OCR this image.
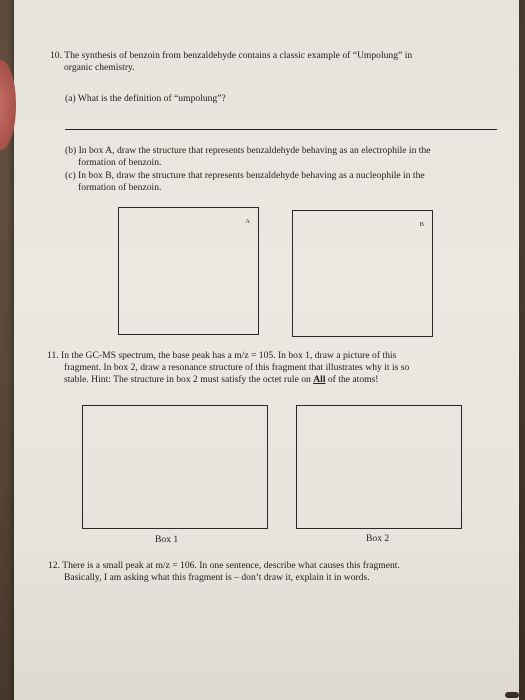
10. The synthesis of benzoin from benzaldehyde contains a classic example of “Umpolung” in
organic chemistry.
(a) What is the definition of “umpolung”?
(b) In box A, draw the structure that represents benzaldehyde behaving as an electrophile in the
formation of benzoin.
(c) In box B, draw the structure that represents benzaldehyde behaving as a nucleophile in the
formation of benzoin.
A	B
11. In the GC-MS spectrum, the base peak has a m/z = 105. In box 1, draw a picture of this
fragment. In box 2, draw a resonance structure of this fragment that illustrates why it is so
stable. Hint: The structure in box 2 must satisfy the octet rule on All of the atoms!
Box 1	Box 2
12. There is a small peak at m/z = 106. In one sentence, describe what causes this fragment.
Basically, I am asking what this fragment is – don’t draw it, explain it in words.
